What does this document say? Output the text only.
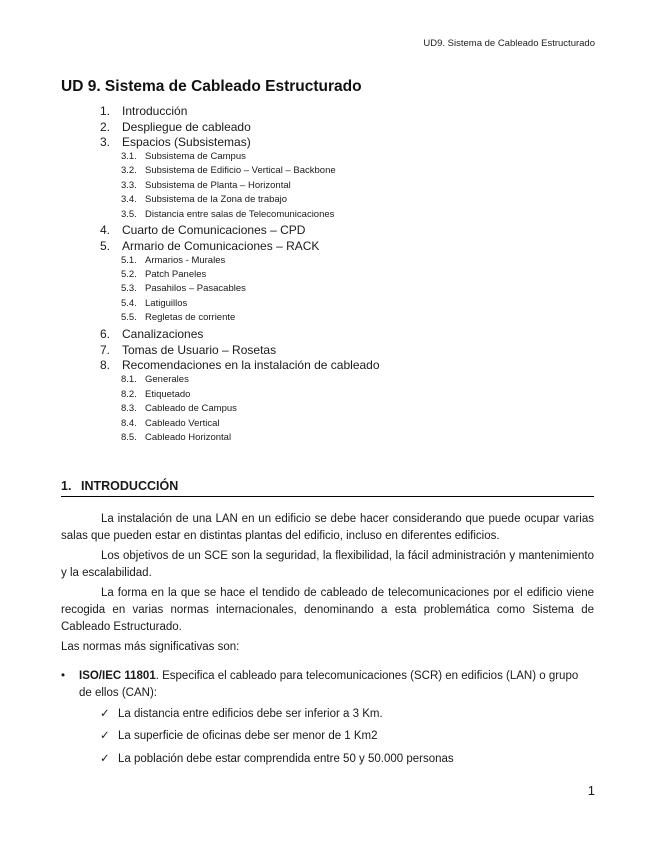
UD9. Sistema de Cableado Estructurado
UD 9. Sistema de Cableado Estructurado
1. Introducción
2. Despliegue de cableado
3. Espacios (Subsistemas)
3.1. Subsistema de Campus
3.2. Subsistema de Edificio – Vertical – Backbone
3.3. Subsistema de Planta – Horizontal
3.4. Subsistema de la Zona de trabajo
3.5. Distancia entre salas de Telecomunicaciones
4. Cuarto de Comunicaciones – CPD
5. Armario de Comunicaciones – RACK
5.1. Armarios - Murales
5.2. Patch Paneles
5.3. Pasahilos – Pasacables
5.4. Latiguillos
5.5. Regletas de corriente
6. Canalizaciones
7. Tomas de Usuario – Rosetas
8. Recomendaciones en la instalación de cableado
8.1. Generales
8.2. Etiquetado
8.3. Cableado de Campus
8.4. Cableado Vertical
8.5. Cableado Horizontal
1. INTRODUCCIÓN
La instalación de una LAN en un edificio se debe hacer considerando que puede ocupar varias salas que pueden estar en distintas plantas del edificio, incluso en diferentes edificios.
Los objetivos de un SCE son la seguridad, la flexibilidad, la fácil administración y mantenimiento y la escalabilidad.
La forma en la que se hace el tendido de cableado de telecomunicaciones por el edificio viene recogida en varias normas internacionales, denominando a esta problemática como Sistema de Cableado Estructurado.
Las normas más significativas son:
•	ISO/IEC 11801. Especifica el cableado para telecomunicaciones (SCR) en edificios (LAN) o grupo de ellos (CAN):
✓ La distancia entre edificios debe ser inferior a 3 Km.
✓ La superficie de oficinas debe ser menor de 1 Km2
✓ La población debe estar comprendida entre 50 y 50.000 personas
1
